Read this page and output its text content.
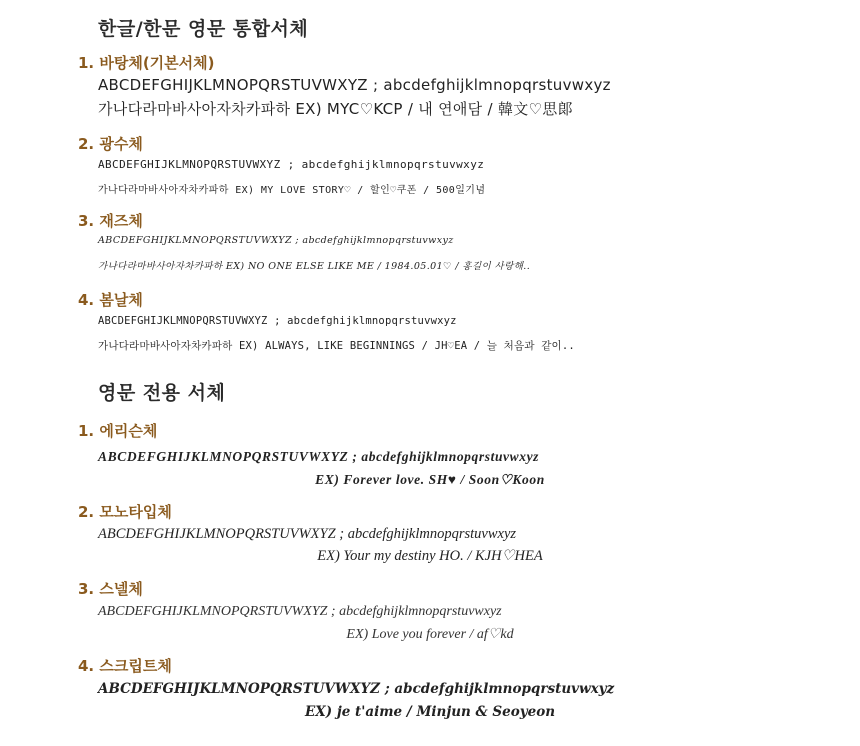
한글/한문 영문 통합서체
1. 바탕체(기본서체)
ABCDEFGHIJKLMNOPQRSTUVWXYZ ; abcdefghijklmnopqrstuvwxyz
가나다라마바사아자차카파하 EX) MYC♡KCP / 내 연애담 / 韓文♡思郞
2. 광수체
ABCDEFGHIJKLMNOPQRSTUVWXYZ ; abcdefghijklmnopqrstuvwxyz
가나다라마바사아자차카파하 EX) MY LOVE STORY♡ / 할인♡쿠폰 / 500일기념
3. 재즈체
ABCDEFGHIJKLMNOPQRSTUVWXYZ ; abcdefghijklmnopqrstuvwxyz
가나다라마바사아자차카파하 EX) NO ONE ELSE LIKE ME / 1984.05.01♡ / 홍길이 사랑해..
4. 봄날체
ABCDEFGHIJKLMNOPQRSTUVWXYZ ; abcdefghijklmnopqrstuvwxyz
가나다라마바사아자차카파하 EX) ALWAYS, LIKE BEGINNINGS / JH♡EA / 늘 처음과 같이..
영문 전용 서체
1. 에리슨체
ABCDEFGHIJKLMNOPQRSTUVWXYZ ; abcdefghijklmnopqrstuvwxyz
EX) Forever love. SH♥ / Soon♡Koon
2. 모노타입체
ABCDEFGHIJKLMNOPQRSTUVWXYZ ; abcdefghijklmnopqrstuvwxyz
EX) Your my destiny HO. / KJH♡HEA
3. 스넬체
ABCDEFGHIJKLMNOPQRSTUVWXYZ ; abcdefghijklmnopqrstuvwxyz
EX) Love you forever / af♡kd
4. 스크립트체
ABCDEFGHIJKLMNOPQRSTUVWXYZ ; abcdefghijklmnopqrstuvwxyz
EX) je t'aime / Minjun & Seoyeon
